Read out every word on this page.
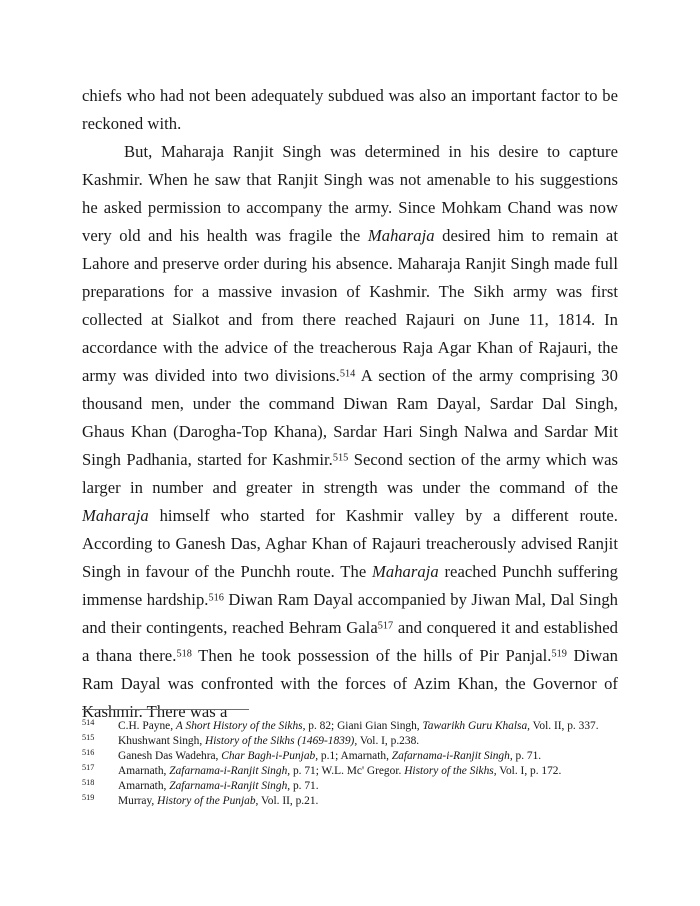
chiefs who had not been adequately subdued was also an important factor to be reckoned with.

But, Maharaja Ranjit Singh was determined in his desire to capture Kashmir. When he saw that Ranjit Singh was not amenable to his suggestions he asked permission to accompany the army. Since Mohkam Chand was now very old and his health was fragile the Maharaja desired him to remain at Lahore and preserve order during his absence. Maharaja Ranjit Singh made full preparations for a massive invasion of Kashmir. The Sikh army was first collected at Sialkot and from there reached Rajauri on June 11, 1814. In accordance with the advice of the treacherous Raja Agar Khan of Rajauri, the army was divided into two divisions.$^{514}$ A section of the army comprising 30 thousand men, under the command Diwan Ram Dayal, Sardar Dal Singh, Ghaus Khan (Darogha-Top Khana), Sardar Hari Singh Nalwa and Sardar Mit Singh Padhania, started for Kashmir.$^{515}$ Second section of the army which was larger in number and greater in strength was under the command of the Maharaja himself who started for Kashmir valley by a different route. According to Ganesh Das, Aghar Khan of Rajauri treacherously advised Ranjit Singh in favour of the Punchh route. The Maharaja reached Punchh suffering immense hardship.$^{516}$ Diwan Ram Dayal accompanied by Jiwan Mal, Dal Singh and their contingents, reached Behram Gala$^{517}$ and conquered it and established a thana there.$^{518}$ Then he took possession of the hills of Pir Panjal.$^{519}$ Diwan Ram Dayal was confronted with the forces of Azim Khan, the Governor of Kashmir. There was a

514	C.H. Payne, A Short History of the Sikhs, p. 82; Giani Gian Singh, Tawarikh Guru Khalsa, Vol. II, p. 337.
515	Khushwant Singh, History of the Sikhs (1469-1839), Vol. I, p.238.
516	Ganesh Das Wadehra, Char Bagh-i-Punjab, p.1; Amarnath, Zafarnama-i-Ranjit Singh, p. 71.
517	Amarnath, Zafarnama-i-Ranjit Singh, p. 71; W.L. Mc' Gregor. History of the Sikhs, Vol. I, p. 172.
518	Amarnath, Zafarnama-i-Ranjit Singh, p. 71.
519	Murray, History of the Punjab, Vol. II, p.21.
